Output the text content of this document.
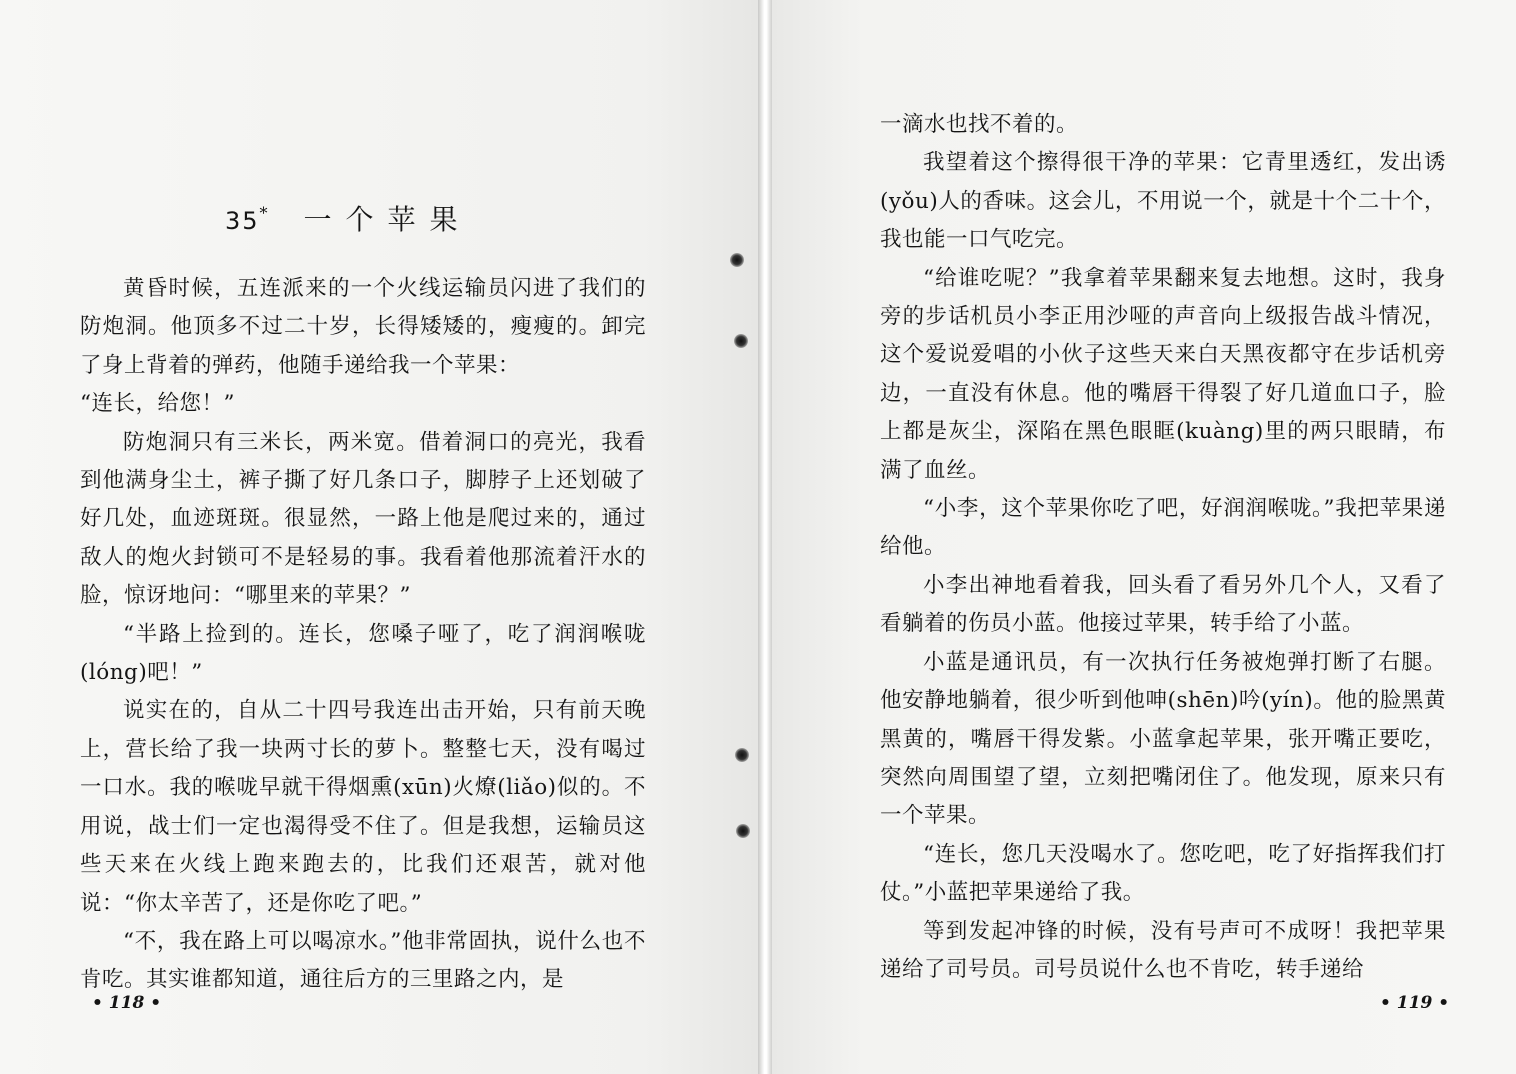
35* 一个苹果

黄昏时候，五连派来的一个火线运输员闪进了我们的防炮洞。他顶多不过二十岁，长得矮矮的，瘦瘦的。卸完了身上背着的弹药，他随手递给我一个苹果：

“连长，给您！”

防炮洞只有三米长，两米宽。借着洞口的亮光，我看到他满身尘土，裤子撕了好几条口子，脚脖子上还划破了好几处，血迹斑斑。很显然，一路上他是爬过来的，通过敌人的炮火封锁可不是轻易的事。我看着他那流着汗水的脸，惊讶地问：“哪里来的苹果？”

“半路上捡到的。连长，您嗓子哑了，吃了润润喉咙(lóng)吧！”

说实在的，自从二十四号我连出击开始，只有前天晚上，营长给了我一块两寸长的萝卜。整整七天，没有喝过一口水。我的喉咙早就干得烟熏(xūn)火燎(liǎo)似的。不用说，战士们一定也渴得受不住了。但是我想，运输员这些天来在火线上跑来跑去的，比我们还艰苦，就对他说：“你太辛苦了，还是你吃了吧。”

“不，我在路上可以喝凉水。”他非常固执，说什么也不肯吃。其实谁都知道，通往后方的三里路之内，是

• 118 •

一滴水也找不着的。

我望着这个擦得很干净的苹果：它青里透红，发出诱(yǒu)人的香味。这会儿，不用说一个，就是十个二十个，我也能一口气吃完。

“给谁吃呢？”我拿着苹果翻来复去地想。这时，我身旁的步话机员小李正用沙哑的声音向上级报告战斗情况，这个爱说爱唱的小伙子这些天来白天黑夜都守在步话机旁边，一直没有休息。他的嘴唇干得裂了好几道血口子，脸上都是灰尘，深陷在黑色眼眶(kuàng)里的两只眼睛，布满了血丝。

“小李，这个苹果你吃了吧，好润润喉咙。”我把苹果递给他。

小李出神地看着我，回头看了看另外几个人，又看了看躺着的伤员小蓝。他接过苹果，转手给了小蓝。

小蓝是通讯员，有一次执行任务被炮弹打断了右腿。他安静地躺着，很少听到他呻(shēn)吟(yín)。他的脸黑黄黑黄的，嘴唇干得发紫。小蓝拿起苹果，张开嘴正要吃，突然向周围望了望，立刻把嘴闭住了。他发现，原来只有一个苹果。

“连长，您几天没喝水了。您吃吧，吃了好指挥我们打仗。”小蓝把苹果递给了我。

等到发起冲锋的时候，没有号声可不成呀！我把苹果递给了司号员。司号员说什么也不肯吃，转手递给

• 119 •
